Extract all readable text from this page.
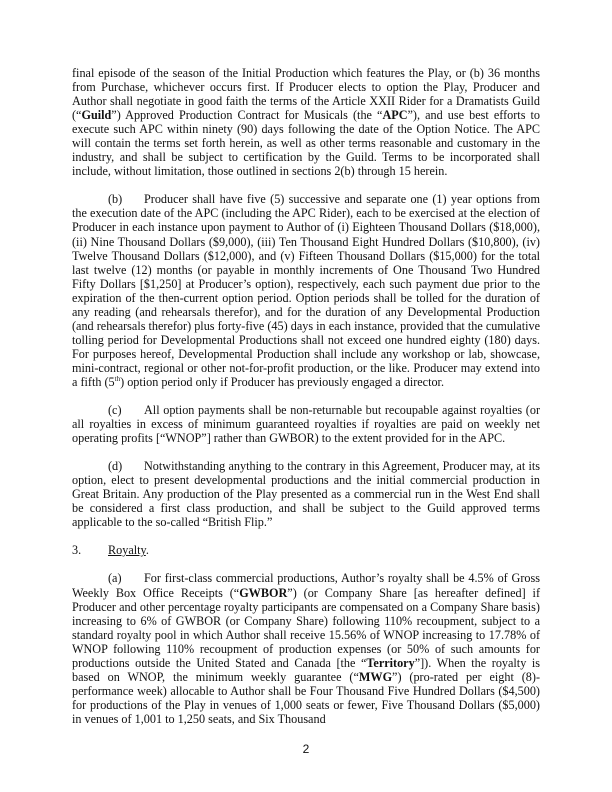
final episode of the season of the Initial Production which features the Play, or (b) 36 months from Purchase, whichever occurs first. If Producer elects to option the Play, Producer and Author shall negotiate in good faith the terms of the Article XXII Rider for a Dramatists Guild (“Guild”) Approved Production Contract for Musicals (the “APC”), and use best efforts to execute such APC within ninety (90) days following the date of the Option Notice. The APC will contain the terms set forth herein, as well as other terms reasonable and customary in the industry, and shall be subject to certification by the Guild. Terms to be incorporated shall include, without limitation, those outlined in sections 2(b) through 15 herein.

(b) Producer shall have five (5) successive and separate one (1) year options from the execution date of the APC (including the APC Rider), each to be exercised at the election of Producer in each instance upon payment to Author of (i) Eighteen Thousand Dollars ($18,000), (ii) Nine Thousand Dollars ($9,000), (iii) Ten Thousand Eight Hundred Dollars ($10,800), (iv) Twelve Thousand Dollars ($12,000), and (v) Fifteen Thousand Dollars ($15,000) for the total last twelve (12) months (or payable in monthly increments of One Thousand Two Hundred Fifty Dollars [$1,250] at Producer’s option), respectively, each such payment due prior to the expiration of the then-current option period. Option periods shall be tolled for the duration of any reading (and rehearsals therefor), and for the duration of any Developmental Production (and rehearsals therefor) plus forty-five (45) days in each instance, provided that the cumulative tolling period for Developmental Productions shall not exceed one hundred eighty (180) days. For purposes hereof, Developmental Production shall include any workshop or lab, showcase, mini-contract, regional or other not-for-profit production, or the like. Producer may extend into a fifth (5th) option period only if Producer has previously engaged a director.

(c) All option payments shall be non-returnable but recoupable against royalties (or all royalties in excess of minimum guaranteed royalties if royalties are paid on weekly net operating profits [“WNOP”] rather than GWBOR) to the extent provided for in the APC.

(d) Notwithstanding anything to the contrary in this Agreement, Producer may, at its option, elect to present developmental productions and the initial commercial production in Great Britain. Any production of the Play presented as a commercial run in the West End shall be considered a first class production, and shall be subject to the Guild approved terms applicable to the so-called “British Flip.”

3. Royalty.

(a) For first-class commercial productions, Author’s royalty shall be 4.5% of Gross Weekly Box Office Receipts (“GWBOR”) (or Company Share [as hereafter defined] if Producer and other percentage royalty participants are compensated on a Company Share basis) increasing to 6% of GWBOR (or Company Share) following 110% recoupment, subject to a standard royalty pool in which Author shall receive 15.56% of WNOP increasing to 17.78% of WNOP following 110% recoupment of production expenses (or 50% of such amounts for productions outside the United Stated and Canada [the “Territory”]). When the royalty is based on WNOP, the minimum weekly guarantee (“MWG”) (pro-rated per eight (8)-performance week) allocable to Author shall be Four Thousand Five Hundred Dollars ($4,500) for productions of the Play in venues of 1,000 seats or fewer, Five Thousand Dollars ($5,000) in venues of 1,001 to 1,250 seats, and Six Thousand

2
